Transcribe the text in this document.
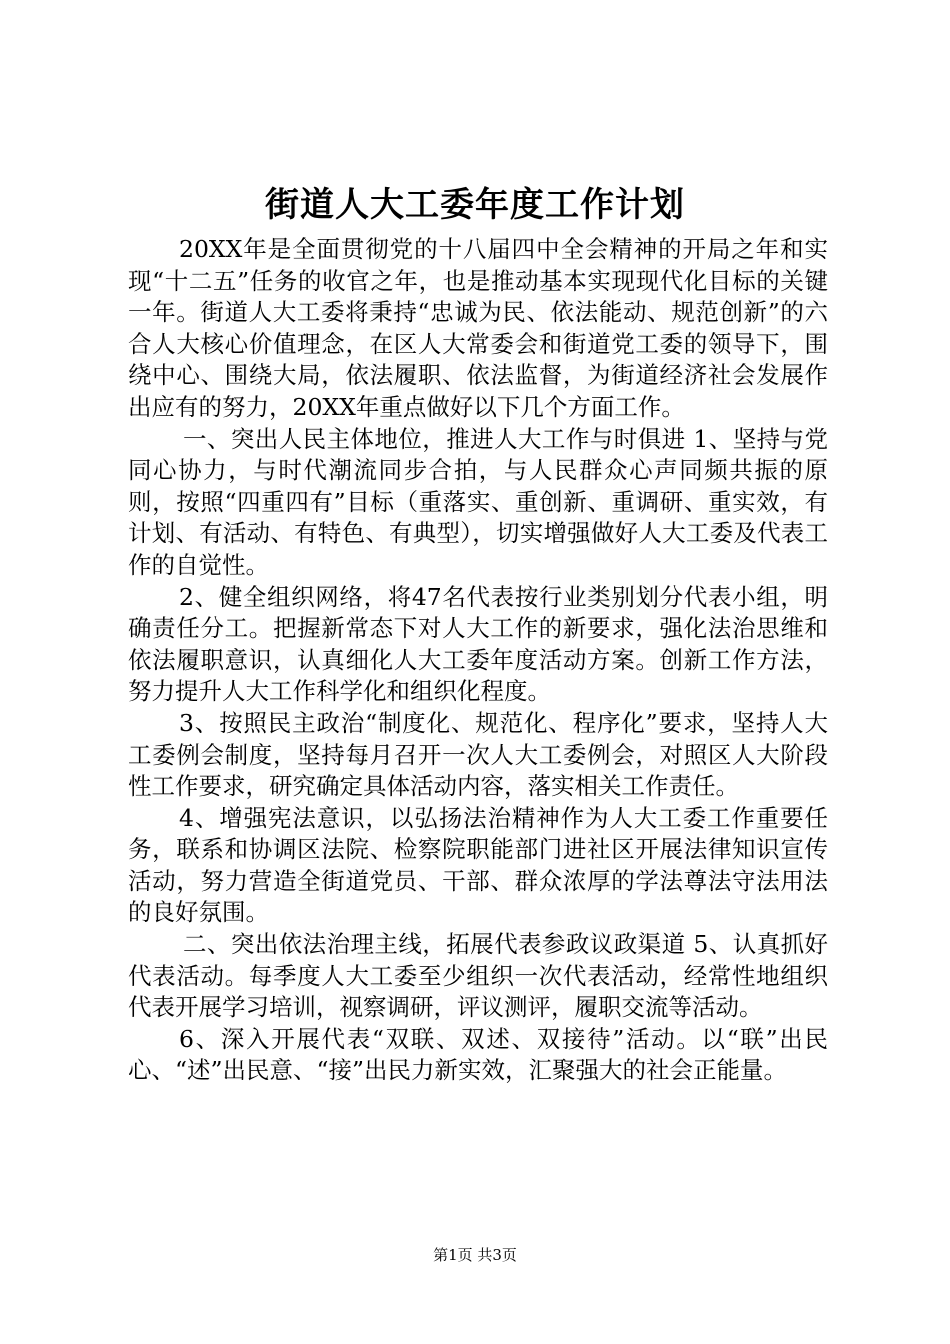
街道人大工委年度工作计划

20XX年是全面贯彻党的十八届四中全会精神的开局之年和实现“十二五”任务的收官之年，也是推动基本实现现代化目标的关键一年。街道人大工委将秉持“忠诚为民、依法能动、规范创新”的六合人大核心价值理念，在区人大常委会和街道党工委的领导下，围绕中心、围绕大局，依法履职、依法监督，为街道经济社会发展作出应有的努力，20XX年重点做好以下几个方面工作。

一、突出人民主体地位，推进人大工作与时俱进 1、坚持与党同心协力，与时代潮流同步合拍，与人民群众心声同频共振的原则，按照“四重四有”目标（重落实、重创新、重调研、重实效，有计划、有活动、有特色、有典型），切实增强做好人大工委及代表工作的自觉性。

2、健全组织网络，将47名代表按行业类别划分代表小组，明确责任分工。把握新常态下对人大工作的新要求，强化法治思维和依法履职意识，认真细化人大工委年度活动方案。创新工作方法，努力提升人大工作科学化和组织化程度。

3、按照民主政治“制度化、规范化、程序化”要求，坚持人大工委例会制度，坚持每月召开一次人大工委例会，对照区人大阶段性工作要求，研究确定具体活动内容，落实相关工作责任。

4、增强宪法意识，以弘扬法治精神作为人大工委工作重要任务，联系和协调区法院、检察院职能部门进社区开展法律知识宣传活动，努力营造全街道党员、干部、群众浓厚的学法尊法守法用法的良好氛围。

二、突出依法治理主线，拓展代表参政议政渠道 5、认真抓好代表活动。每季度人大工委至少组织一次代表活动，经常性地组织代表开展学习培训，视察调研，评议测评，履职交流等活动。

6、深入开展代表“双联、双述、双接待”活动。以“联”出民心、“述”出民意、“接”出民力新实效，汇聚强大的社会正能量。

第1页 共3页
